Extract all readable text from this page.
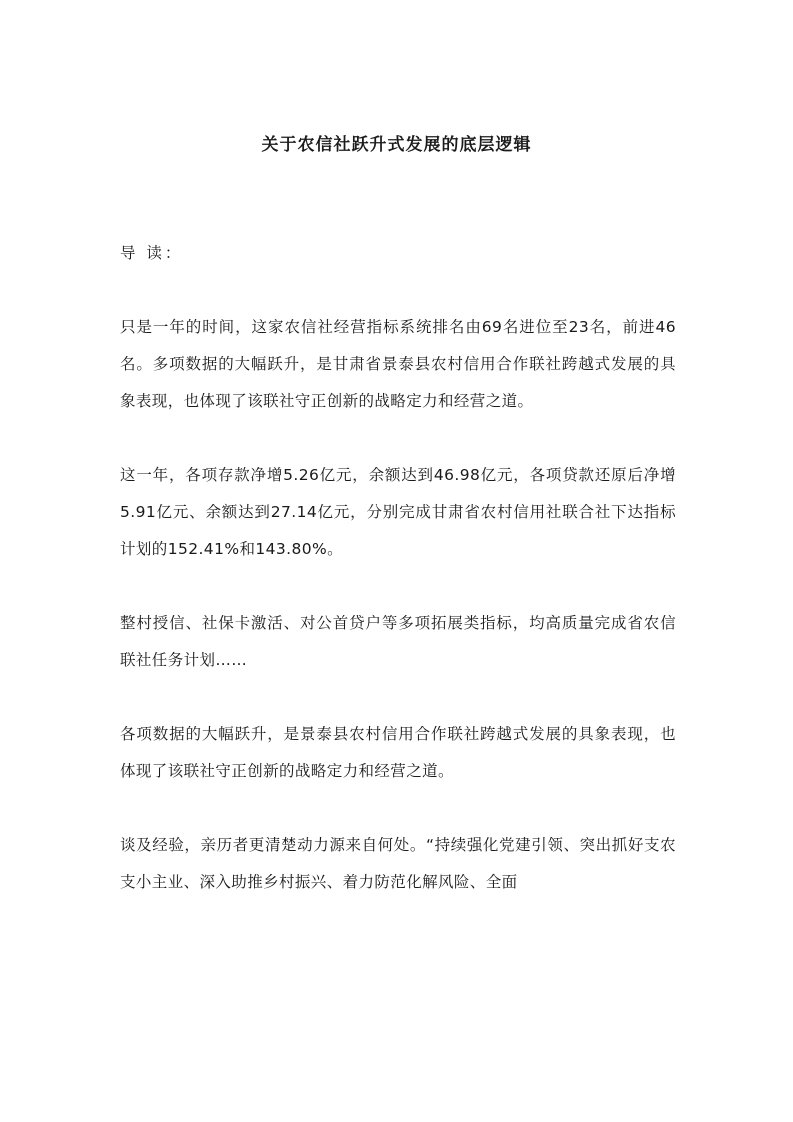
关于农信社跃升式发展的底层逻辑

导 读：

只是一年的时间，这家农信社经营指标系统排名由69名进位至23名，前进46名。多项数据的大幅跃升，是甘肃省景泰县农村信用合作联社跨越式发展的具象表现，也体现了该联社守正创新的战略定力和经营之道。

这一年，各项存款净增5.26亿元，余额达到46.98亿元，各项贷款还原后净增5.91亿元、余额达到27.14亿元，分别完成甘肃省农村信用社联合社下达指标计划的152.41%和143.80%。

整村授信、社保卡激活、对公首贷户等多项拓展类指标，均高质量完成省农信联社任务计划……

各项数据的大幅跃升，是景泰县农村信用合作联社跨越式发展的具象表现，也体现了该联社守正创新的战略定力和经营之道。

谈及经验，亲历者更清楚动力源来自何处。“持续强化党建引领、突出抓好支农支小主业、深入助推乡村振兴、着力防范化解风险、全面
